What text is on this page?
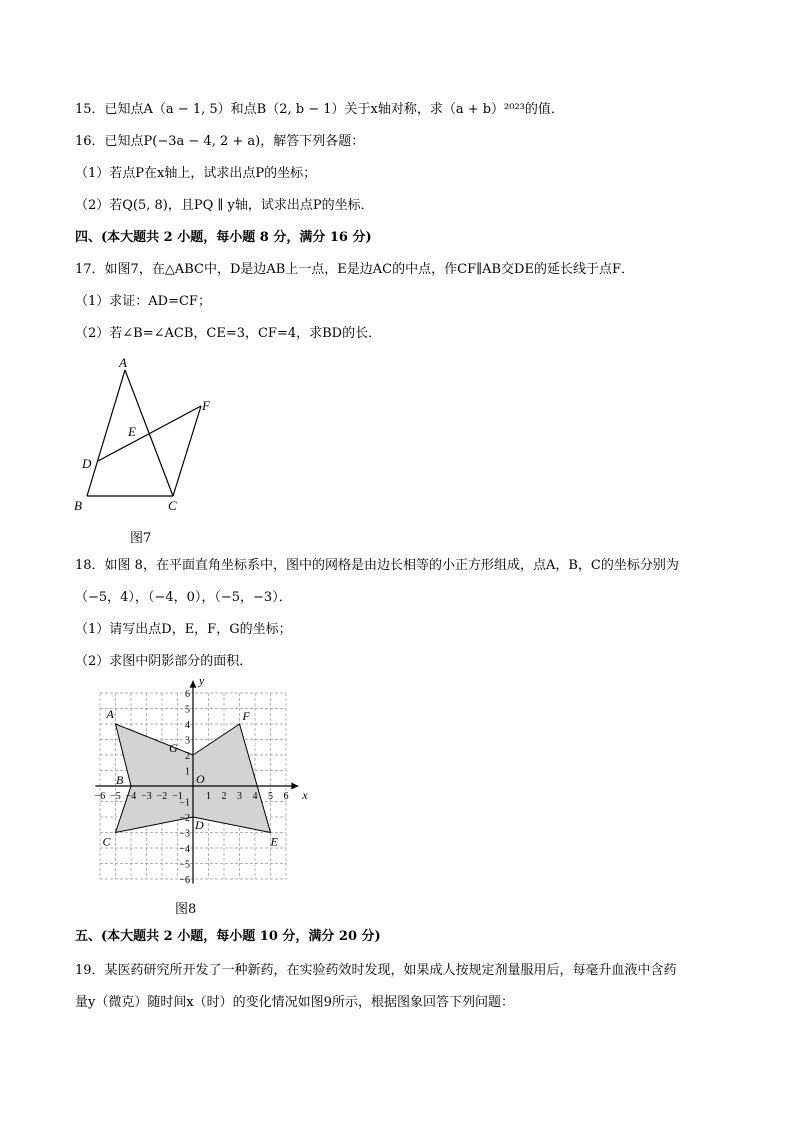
15．已知点A（a − 1, 5）和点B（2, b − 1）关于x轴对称，求（a + b）²⁰²³的值．
16．已知点P(−3a − 4, 2 + a)，解答下列各题：
（1）若点P在x轴上，试求出点P的坐标；
（2）若Q(5, 8)，且PQ ∥ y轴，试求出点P的坐标．
四、(本大题共 2 小题，每小题 8 分，满分 16 分)
17．如图7，在△ABC中，D是边AB上一点，E是边AC的中点，作CF∥AB交DE的延长线于点F．
（1）求证：AD=CF；
（2）若∠B=∠ACB，CE=3，CF=4，求BD的长．
A
B	C
D
E
F
图7
18．如图 8，在平面直角坐标系中，图中的网格是由边长相等的小正方形组成，点A，B，C的坐标分别为
（−5，4），（−4，0），（−5，−3）．
（1）请写出点D，E，F，G的坐标；
（2）求图中阴影部分的面积．
−6 −5 −4 −3 −2 −1 1 2 3 4 5 6
6
5
4
3
2
1
−1
−2
−3
−4
−5
−6
A	F
G
B
C
D
E
x
y
O
图8
五、(本大题共 2 小题，每小题 10 分，满分 20 分)
19．某医药研究所开发了一种新药，在实验药效时发现，如果成人按规定剂量服用后，每毫升血液中含药
量y（微克）随时间x（时）的变化情况如图9所示，根据图象回答下列问题：
